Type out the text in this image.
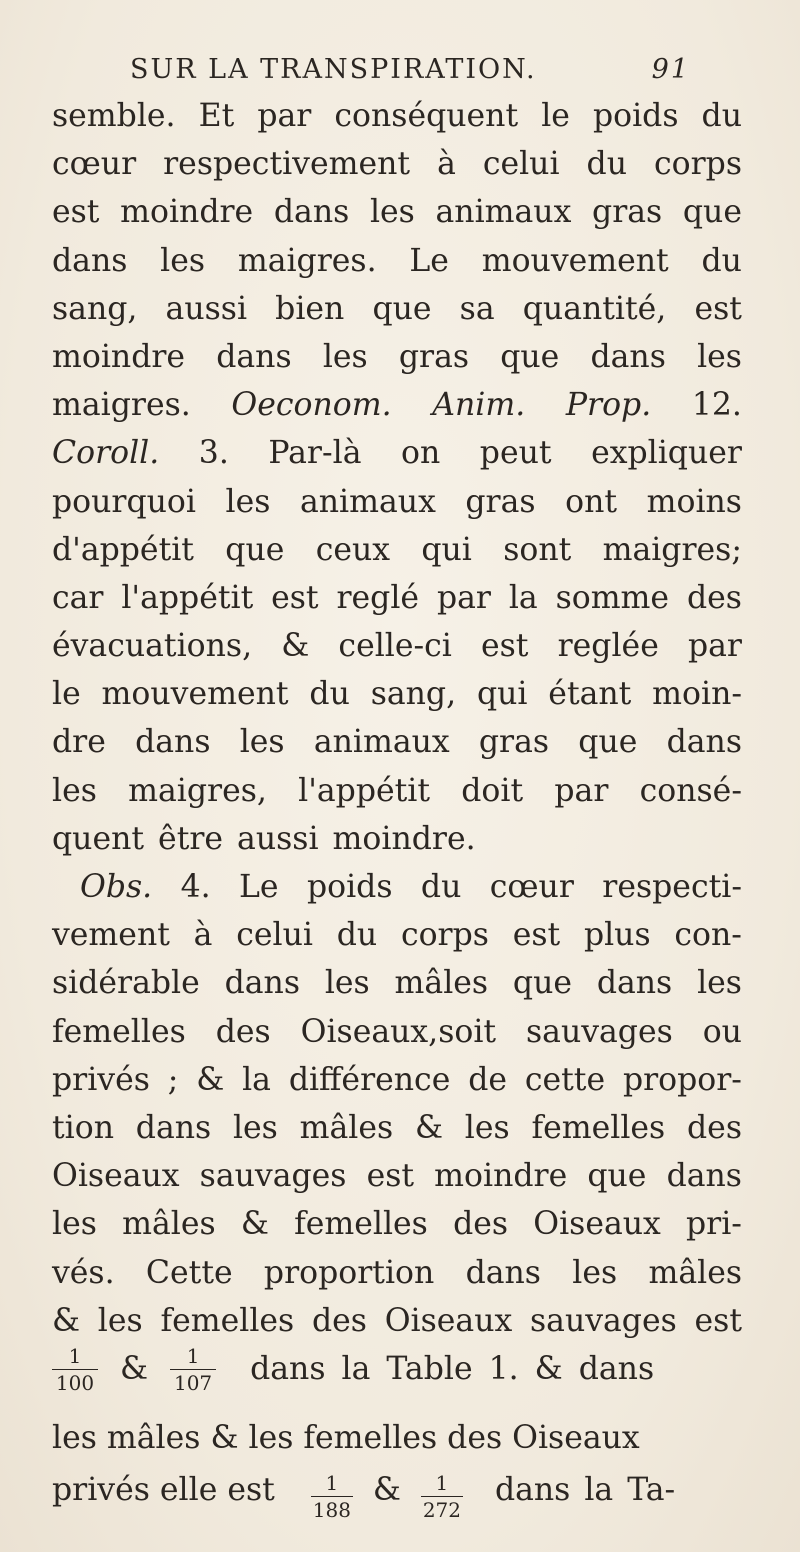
SUR LA TRANSPIRATION.	91
semble. Et par conséquent le poids du
cœur respectivement à celui du corps
est moindre dans les animaux gras que
dans les maigres. Le mouvement du
sang, aussi bien que sa quantité, est
moindre dans les gras que dans les
maigres. Oeconom. Anim. Prop. 12.
Coroll. 3. Par-là on peut expliquer
pourquoi les animaux gras ont moins
d'appétit que ceux qui sont maigres;
car l'appétit est reglé par la somme des
évacuations, & celle-ci est reglée par
le mouvement du sang, qui étant moin-
dre dans les animaux gras que dans
les maigres, l'appétit doit par consé-
quent être aussi moindre.
Obs. 4. Le poids du cœur respecti-
vement à celui du corps est plus con-
sidérable dans les mâles que dans les
femelles des Oiseaux,soit sauvages ou
privés ; & la différence de cette propor-
tion dans les mâles & les femelles des
Oiseaux sauvages est moindre que dans
les mâles & femelles des Oiseaux pri-
vés. Cette proportion dans les mâles
& les femelles des Oiseaux sauvages est
$\frac{1}{100}$ & $\frac{1}{107}$ dans la Table 1. & dans
les mâles & les femelles des Oiseaux
privés elle est $\frac{1}{188}$ & $\frac{1}{272}$ dans la Ta-
